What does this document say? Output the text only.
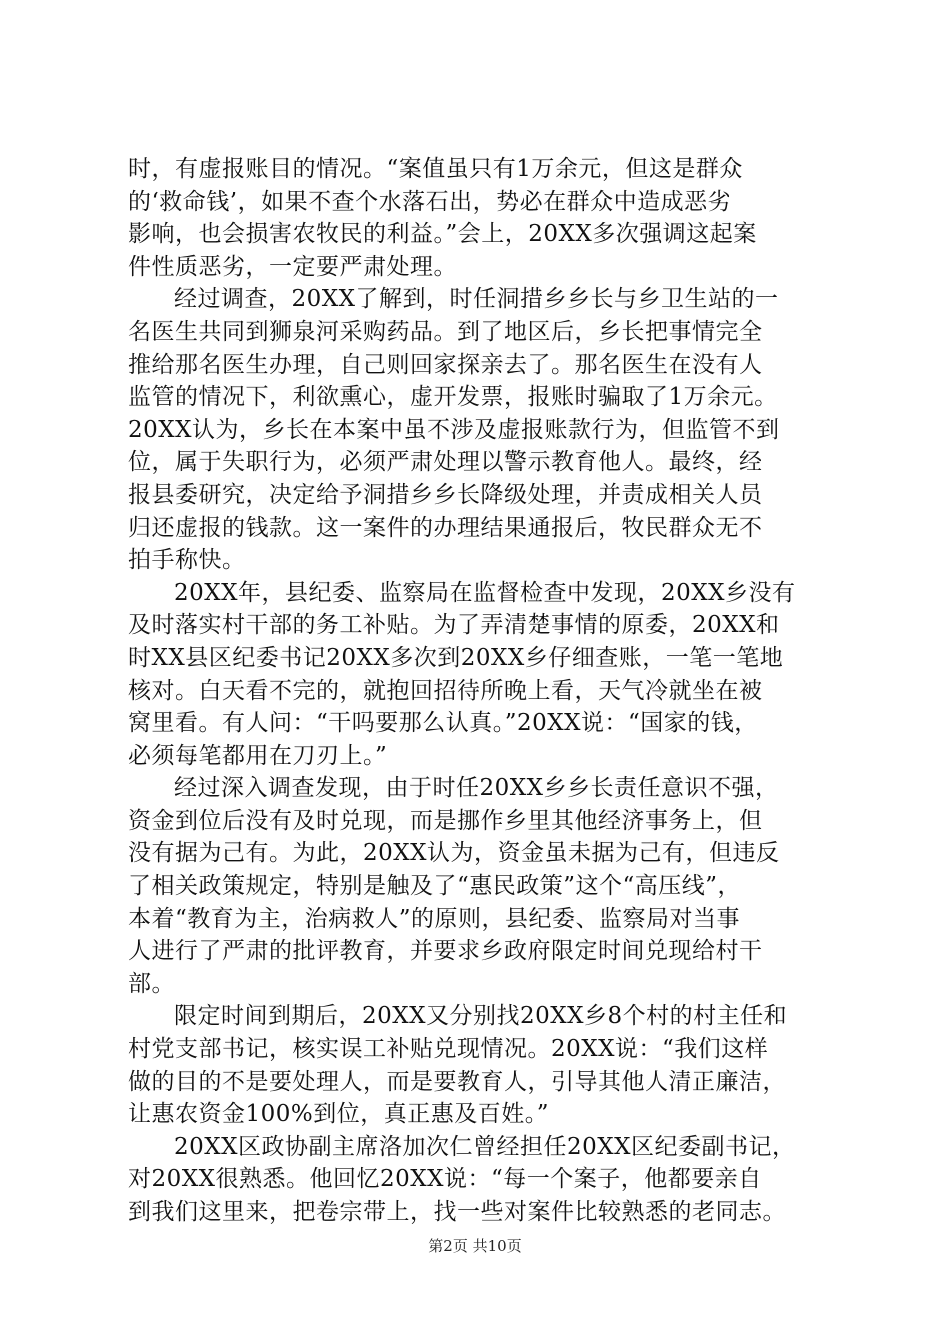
时，有虚报账目的情况。“案值虽只有1万余元，但这是群众
的‘救命钱’，如果不查个水落石出，势必在群众中造成恶劣
影响，也会损害农牧民的利益。”会上，20XX多次强调这起案
件性质恶劣，一定要严肃处理。
经过调查，20XX了解到，时任洞措乡乡长与乡卫生站的一
名医生共同到狮泉河采购药品。到了地区后，乡长把事情完全
推给那名医生办理，自己则回家探亲去了。那名医生在没有人
监管的情况下，利欲熏心，虚开发票，报账时骗取了1万余元。
20XX认为，乡长在本案中虽不涉及虚报账款行为，但监管不到
位，属于失职行为，必须严肃处理以警示教育他人。最终，经
报县委研究，决定给予洞措乡乡长降级处理，并责成相关人员
归还虚报的钱款。这一案件的办理结果通报后，牧民群众无不
拍手称快。
20XX年，县纪委、监察局在监督检查中发现，20XX乡没有
及时落实村干部的务工补贴。为了弄清楚事情的原委，20XX和
时XX县区纪委书记20XX多次到20XX乡仔细查账，一笔一笔地
核对。白天看不完的，就抱回招待所晚上看，天气冷就坐在被
窝里看。有人问：“干吗要那么认真。”20XX说：“国家的钱，
必须每笔都用在刀刃上。”
经过深入调查发现，由于时任20XX乡乡长责任意识不强，
资金到位后没有及时兑现，而是挪作乡里其他经济事务上，但
没有据为己有。为此，20XX认为，资金虽未据为己有，但违反
了相关政策规定，特别是触及了“惠民政策”这个“高压线”，
本着“教育为主，治病救人”的原则，县纪委、监察局对当事
人进行了严肃的批评教育，并要求乡政府限定时间兑现给村干
部。
限定时间到期后，20XX又分别找20XX乡8个村的村主任和
村党支部书记，核实误工补贴兑现情况。20XX说：“我们这样
做的目的不是要处理人，而是要教育人，引导其他人清正廉洁，
让惠农资金100%到位，真正惠及百姓。”
20XX区政协副主席洛加次仁曾经担任20XX区纪委副书记，
对20XX很熟悉。他回忆20XX说：“每一个案子，他都要亲自
到我们这里来，把卷宗带上，找一些对案件比较熟悉的老同志。
第2页 共10页
